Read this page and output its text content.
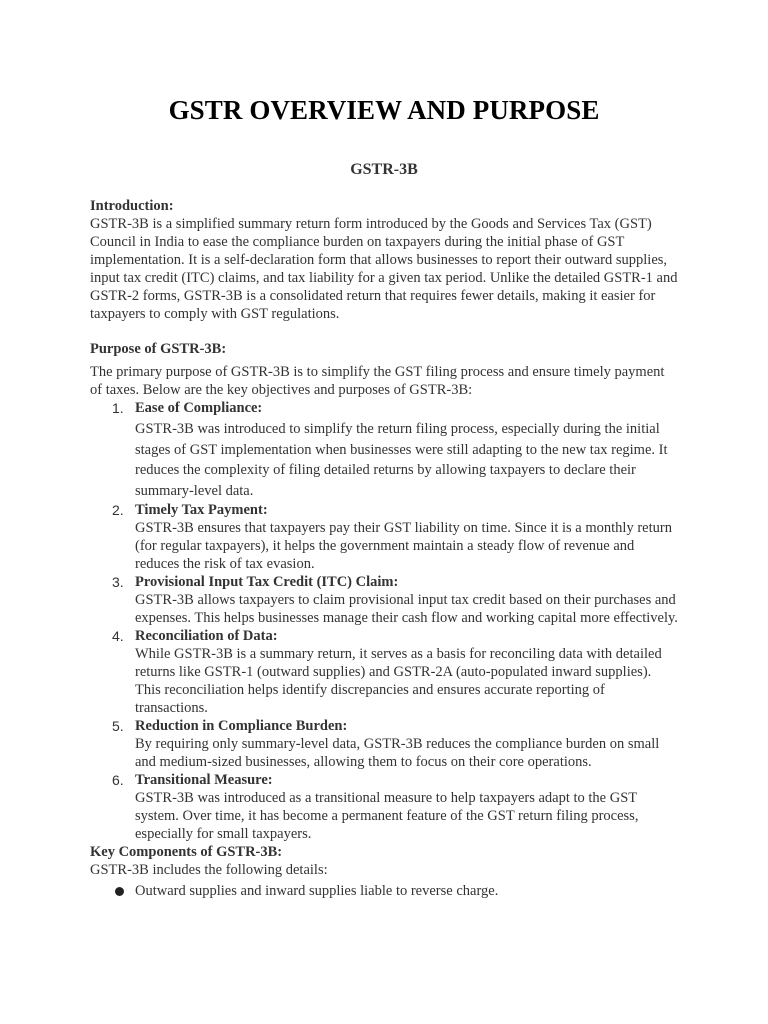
GSTR OVERVIEW AND PURPOSE
GSTR-3B

Introduction:

GSTR-3B is a simplified summary return form introduced by the Goods and Services Tax (GST) Council in India to ease the compliance burden on taxpayers during the initial phase of GST implementation. It is a self-declaration form that allows businesses to report their outward supplies, input tax credit (ITC) claims, and tax liability for a given tax period. Unlike the detailed GSTR-1 and GSTR-2 forms, GSTR-3B is a consolidated return that requires fewer details, making it easier for taxpayers to comply with GST regulations.

Purpose of GSTR-3B:

The primary purpose of GSTR-3B is to simplify the GST filing process and ensure timely payment of taxes. Below are the key objectives and purposes of GSTR-3B:

1. Ease of Compliance:
GSTR-3B was introduced to simplify the return filing process, especially during the initial stages of GST implementation when businesses were still adapting to the new tax regime. It reduces the complexity of filing detailed returns by allowing taxpayers to declare their summary-level data.
2. Timely Tax Payment:
GSTR-3B ensures that taxpayers pay their GST liability on time. Since it is a monthly return (for regular taxpayers), it helps the government maintain a steady flow of revenue and reduces the risk of tax evasion.
3. Provisional Input Tax Credit (ITC) Claim:
GSTR-3B allows taxpayers to claim provisional input tax credit based on their purchases and expenses. This helps businesses manage their cash flow and working capital more effectively.
4. Reconciliation of Data:
While GSTR-3B is a summary return, it serves as a basis for reconciling data with detailed returns like GSTR-1 (outward supplies) and GSTR-2A (auto-populated inward supplies). This reconciliation helps identify discrepancies and ensures accurate reporting of transactions.
5. Reduction in Compliance Burden:
By requiring only summary-level data, GSTR-3B reduces the compliance burden on small and medium-sized businesses, allowing them to focus on their core operations.
6. Transitional Measure:
GSTR-3B was introduced as a transitional measure to help taxpayers adapt to the GST system. Over time, it has become a permanent feature of the GST return filing process, especially for small taxpayers.

Key Components of GSTR-3B:

GSTR-3B includes the following details:

Outward supplies and inward supplies liable to reverse charge.
